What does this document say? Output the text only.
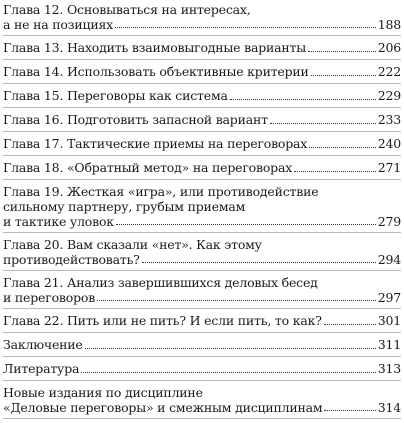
Глава 12. Основываться на интересах,
а не на позициях	188
Глава 13. Находить взаимовыгодные варианты	206
Глава 14. Использовать объективные критерии	222
Глава 15. Переговоры как система	229
Глава 16. Подготовить запасной вариант	233
Глава 17. Тактические приемы на переговорах	240
Глава 18. «Обратный метод» на переговорах	271
Глава 19. Жесткая «игра», или противодействие
сильному партнеру, грубым приемам
и тактике уловок	279
Глава 20. Вам сказали «нет». Как этому
противодействовать?	294
Глава 21. Анализ завершившихся деловых бесед
и переговоров	297
Глава 22. Пить или не пить? И если пить, то как?	301
Заключение	311
Литература	313
Новые издания по дисциплине
«Деловые переговоры» и смежным дисциплинам	314
